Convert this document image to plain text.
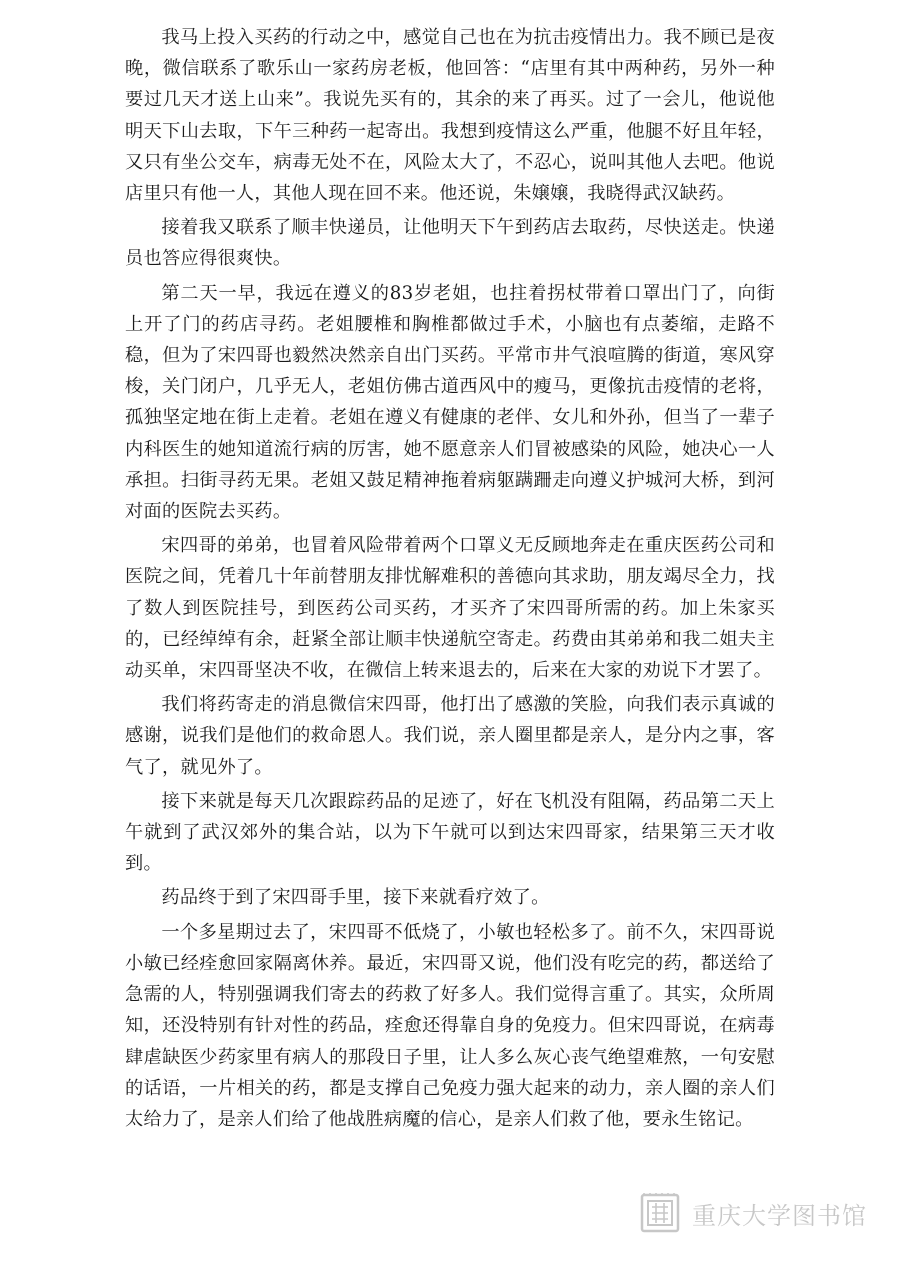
我马上投入买药的行动之中，感觉自己也在为抗击疫情出力。我不顾已是夜晚，微信联系了歌乐山一家药房老板，他回答：“店里有其中两种药，另外一种要过几天才送上山来”。我说先买有的，其余的来了再买。过了一会儿，他说他明天下山去取，下午三种药一起寄出。我想到疫情这么严重，他腿不好且年轻，又只有坐公交车，病毒无处不在，风险太大了，不忍心，说叫其他人去吧。他说店里只有他一人，其他人现在回不来。他还说，朱嬢嬢，我晓得武汉缺药。

接着我又联系了顺丰快递员，让他明天下午到药店去取药，尽快送走。快递员也答应得很爽快。

第二天一早，我远在遵义的83岁老姐，也拄着拐杖带着口罩出门了，向街上开了门的药店寻药。老姐腰椎和胸椎都做过手术，小脑也有点萎缩，走路不稳，但为了宋四哥也毅然决然亲自出门买药。平常市井气浪喧腾的街道，寒风穿梭，关门闭户，几乎无人，老姐仿佛古道西风中的瘦马，更像抗击疫情的老将，孤独坚定地在街上走着。老姐在遵义有健康的老伴、女儿和外孙，但当了一辈子内科医生的她知道流行病的厉害，她不愿意亲人们冒被感染的风险，她决心一人承担。扫街寻药无果。老姐又鼓足精神拖着病躯蹒跚走向遵义护城河大桥，到河对面的医院去买药。

宋四哥的弟弟，也冒着风险带着两个口罩义无反顾地奔走在重庆医药公司和医院之间，凭着几十年前替朋友排忧解难积的善德向其求助，朋友竭尽全力，找了数人到医院挂号，到医药公司买药，才买齐了宋四哥所需的药。加上朱家买的，已经绰绰有余，赶紧全部让顺丰快递航空寄走。药费由其弟弟和我二姐夫主动买单，宋四哥坚决不收，在微信上转来退去的，后来在大家的劝说下才罢了。

我们将药寄走的消息微信宋四哥，他打出了感激的笑脸，向我们表示真诚的感谢，说我们是他们的救命恩人。我们说，亲人圈里都是亲人，是分内之事，客气了，就见外了。

接下来就是每天几次跟踪药品的足迹了，好在飞机没有阻隔，药品第二天上午就到了武汉郊外的集合站，以为下午就可以到达宋四哥家，结果第三天才收到。

药品终于到了宋四哥手里，接下来就看疗效了。

一个多星期过去了，宋四哥不低烧了，小敏也轻松多了。前不久，宋四哥说小敏已经痊愈回家隔离休养。最近，宋四哥又说，他们没有吃完的药，都送给了急需的人，特别强调我们寄去的药救了好多人。我们觉得言重了。其实，众所周知，还没特别有针对性的药品，痊愈还得靠自身的免疫力。但宋四哥说，在病毒肆虐缺医少药家里有病人的那段日子里，让人多么灰心丧气绝望难熬，一句安慰的话语，一片相关的药，都是支撑自己免疫力强大起来的动力，亲人圈的亲人们太给力了，是亲人们给了他战胜病魔的信心，是亲人们救了他，要永生铭记。

重庆大学图书馆
